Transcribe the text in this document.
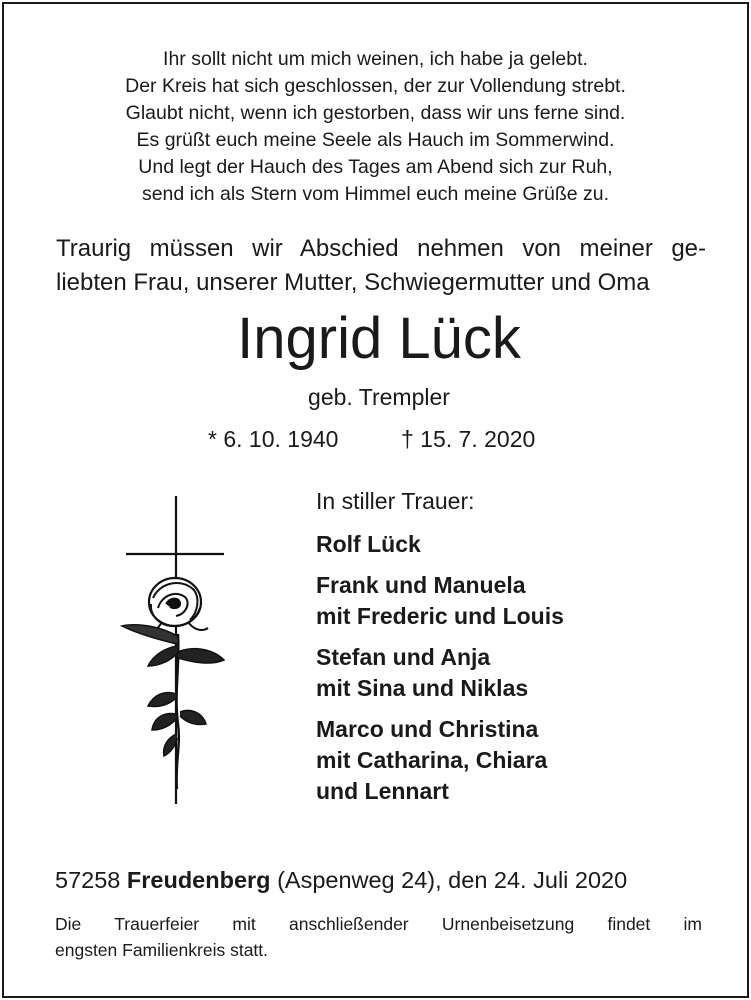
Ihr sollt nicht um mich weinen, ich habe ja gelebt.
Der Kreis hat sich geschlossen, der zur Vollendung strebt.
Glaubt nicht, wenn ich gestorben, dass wir uns ferne sind.
Es grüßt euch meine Seele als Hauch im Sommerwind.
Und legt der Hauch des Tages am Abend sich zur Ruh,
send ich als Stern vom Himmel euch meine Grüße zu.
Traurig müssen wir Abschied nehmen von meiner ge-
liebten Frau, unserer Mutter, Schwiegermutter und Oma
Ingrid Lück
geb. Trempler
* 6. 10. 1940	† 15. 7. 2020
In stiller Trauer:
Rolf Lück
Frank und Manuela
mit Frederic und Louis
Stefan und Anja
mit Sina und Niklas
Marco und Christina
mit Catharina, Chiara
und Lennart
57258 Freudenberg (Aspenweg 24), den 24. Juli 2020
Die Trauerfeier mit anschließender Urnenbeisetzung findet im
engsten Familienkreis statt.
